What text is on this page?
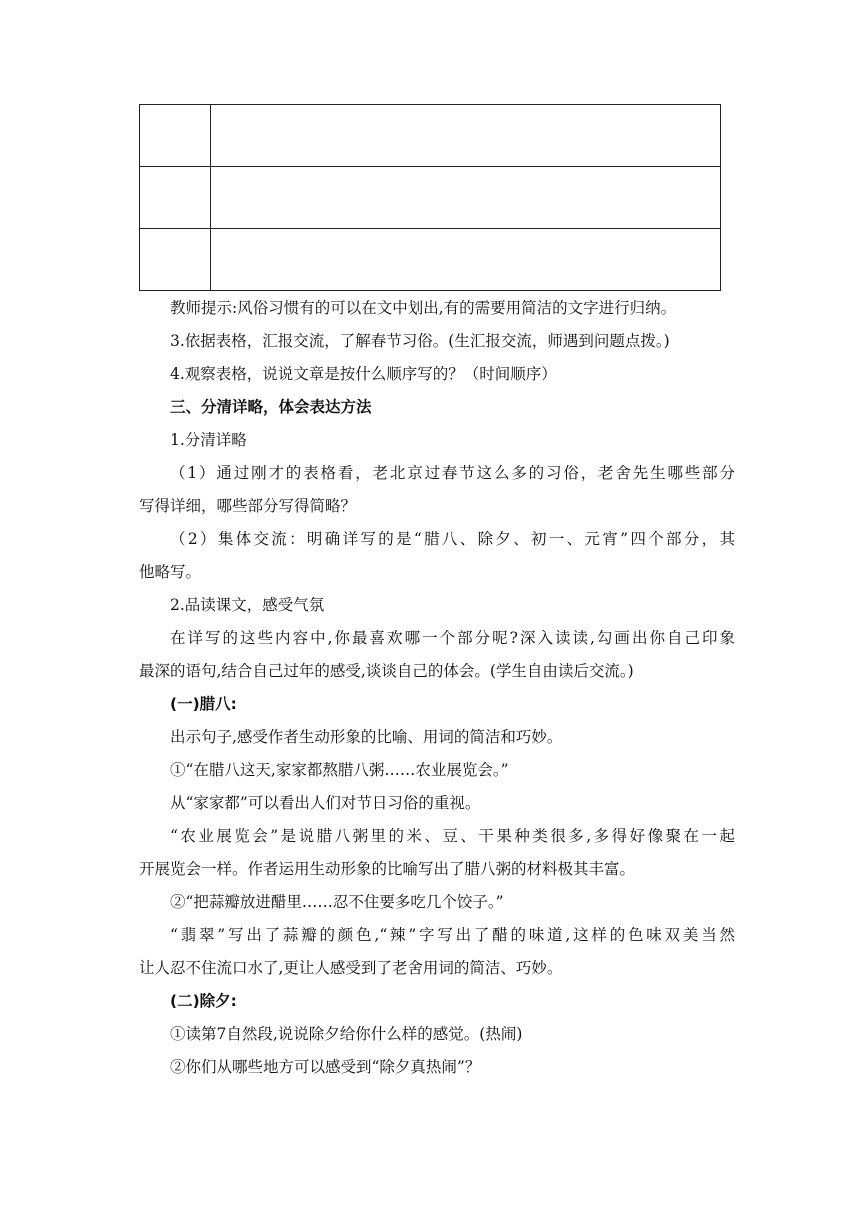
教师提示:风俗习惯有的可以在文中划出,有的需要用简洁的文字进行归纳。

3.依据表格，汇报交流，了解春节习俗。(生汇报交流，师遇到问题点拨。)

4.观察表格，说说文章是按什么顺序写的？（时间顺序）

三、分清详略，体会表达方法

1.分清详略

（1）通过刚才的表格看，老北京过春节这么多的习俗，老舍先生哪些部分

写得详细，哪些部分写得简略？

（2）集体交流：明确详写的是“腊八、除夕、初一、元宵”四个部分，其

他略写。

2.品读课文，感受气氛

在详写的这些内容中,你最喜欢哪一个部分呢?深入读读,勾画出你自己印象

最深的语句,结合自己过年的感受,谈谈自己的体会。(学生自由读后交流。)

(一)腊八:

出示句子,感受作者生动形象的比喻、用词的简洁和巧妙。

①“在腊八这天,家家都熬腊八粥……农业展览会。”

从“家家都”可以看出人们对节日习俗的重视。

“农业展览会”是说腊八粥里的米、豆、干果种类很多,多得好像聚在一起

开展览会一样。作者运用生动形象的比喻写出了腊八粥的材料极其丰富。

②“把蒜瓣放进醋里……忍不住要多吃几个饺子。”

“翡翠”写出了蒜瓣的颜色,“辣”字写出了醋的味道,这样的色味双美当然

让人忍不住流口水了,更让人感受到了老舍用词的简洁、巧妙。

(二)除夕:

①读第7自然段,说说除夕给你什么样的感觉。(热闹)

②你们从哪些地方可以感受到“除夕真热闹”？
